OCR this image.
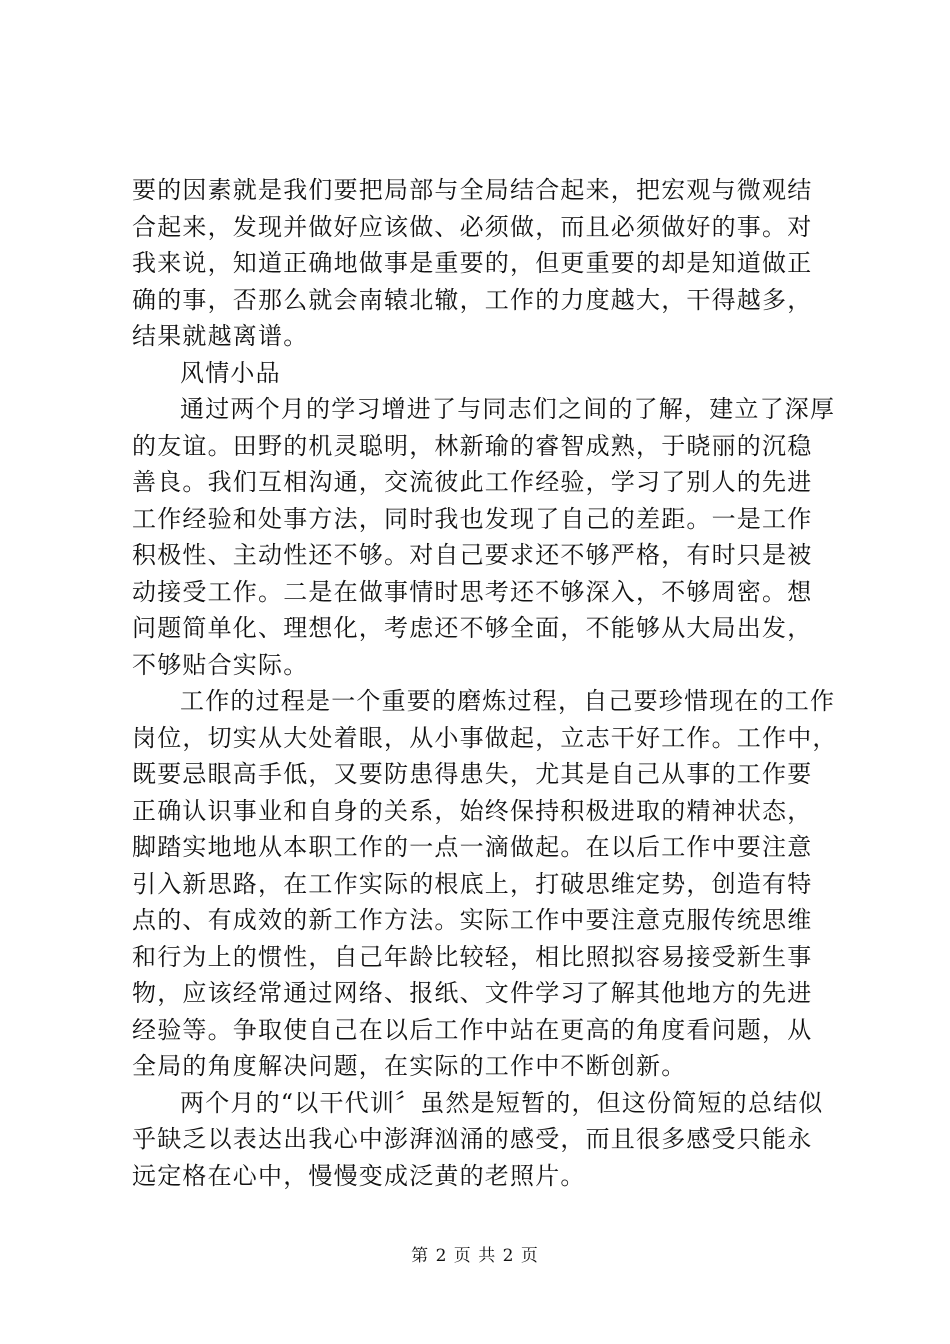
要的因素就是我们要把局部与全局结合起来，把宏观与微观结
合起来，发现并做好应该做、必须做，而且必须做好的事。对
我来说，知道正确地做事是重要的，但更重要的却是知道做正
确的事，否那么就会南辕北辙，工作的力度越大，干得越多，
结果就越离谱。
风情小品
通过两个月的学习增进了与同志们之间的了解，建立了深厚
的友谊。田野的机灵聪明，林新瑜的睿智成熟，于晓丽的沉稳
善良。我们互相沟通，交流彼此工作经验，学习了别人的先进
工作经验和处事方法，同时我也发现了自己的差距。一是工作
积极性、主动性还不够。对自己要求还不够严格，有时只是被
动接受工作。二是在做事情时思考还不够深入，不够周密。想
问题简单化、理想化，考虑还不够全面，不能够从大局出发，
不够贴合实际。
工作的过程是一个重要的磨炼过程，自己要珍惜现在的工作
岗位，切实从大处着眼，从小事做起，立志干好工作。工作中，
既要忌眼高手低，又要防患得患失，尤其是自己从事的工作要
正确认识事业和自身的关系，始终保持积极进取的精神状态，
脚踏实地地从本职工作的一点一滴做起。在以后工作中要注意
引入新思路，在工作实际的根底上，打破思维定势，创造有特
点的、有成效的新工作方法。实际工作中要注意克服传统思维
和行为上的惯性，自己年龄比较轻，相比照拟容易接受新生事
物，应该经常通过网络、报纸、文件学习了解其他地方的先进
经验等。争取使自己在以后工作中站在更高的角度看问题，从
全局的角度解决问题，在实际的工作中不断创新。
两个月的“以干代训〞虽然是短暂的，但这份简短的总结似
乎缺乏以表达出我心中澎湃汹涌的感受，而且很多感受只能永
远定格在心中，慢慢变成泛黄的老照片。
第 2 页 共 2 页
